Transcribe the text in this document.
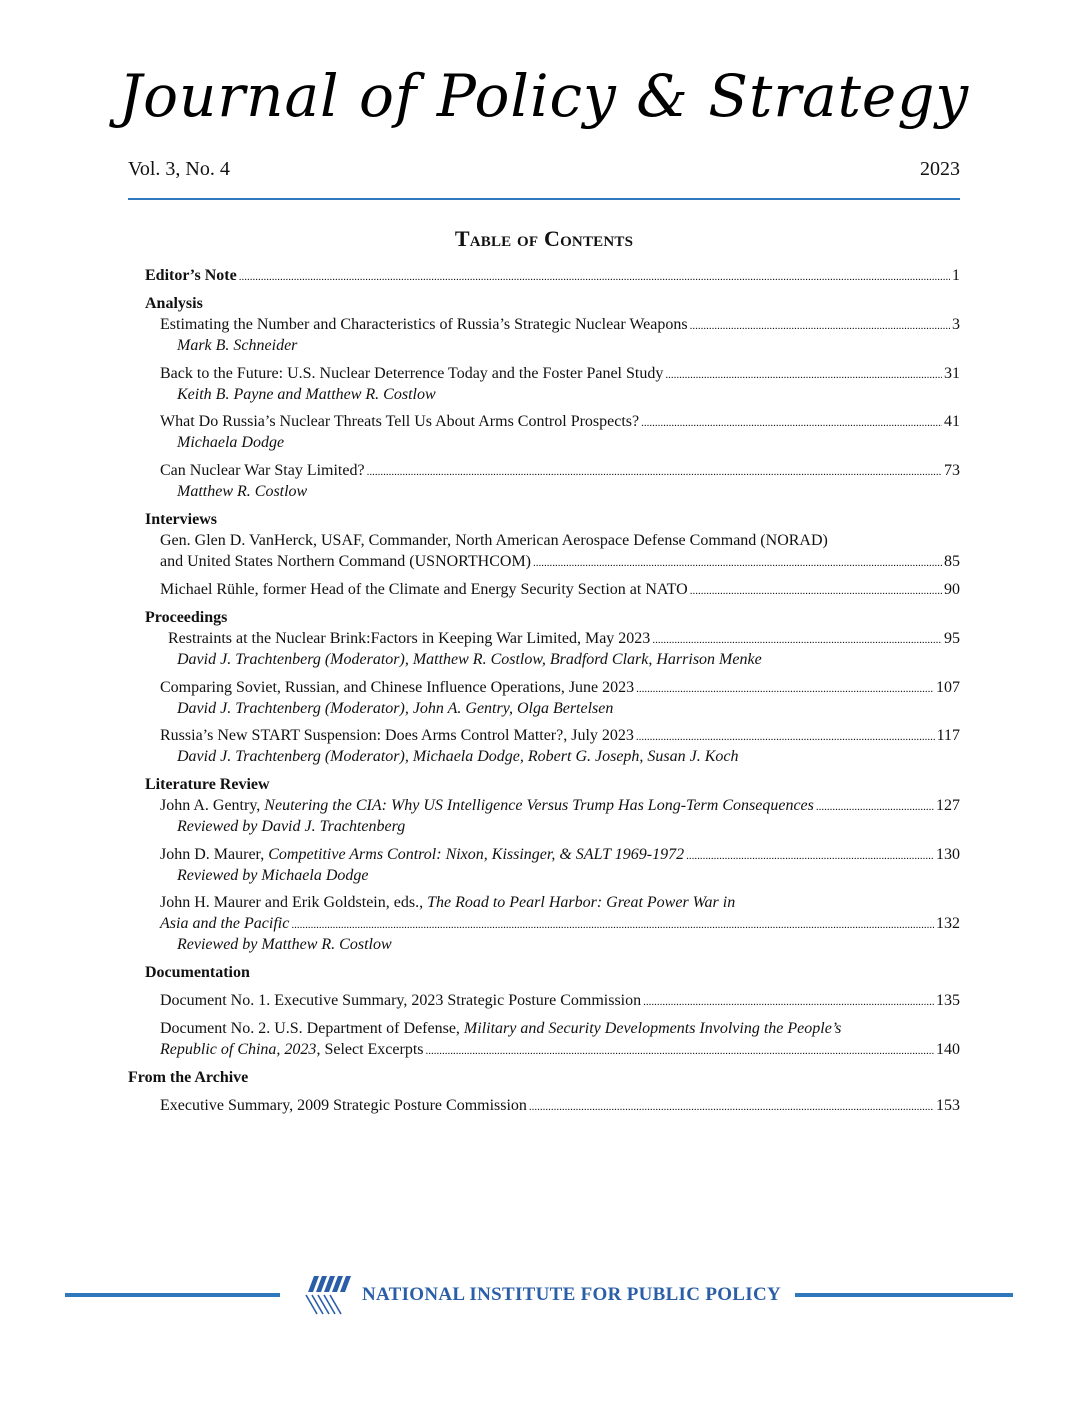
Journal of Policy & Strategy
Vol. 3, No. 4	2023
Table of Contents
Editor’s Note .....	1
Analysis
Estimating the Number and Characteristics of Russia’s Strategic Nuclear Weapons .....	3
Mark B. Schneider
Back to the Future: U.S. Nuclear Deterrence Today and the Foster Panel Study .....	31
Keith B. Payne and Matthew R. Costlow
What Do Russia’s Nuclear Threats Tell Us About Arms Control Prospects? .....	41
Michaela Dodge
Can Nuclear War Stay Limited? .....	73
Matthew R. Costlow
Interviews
Gen. Glen D. VanHerck, USAF, Commander, North American Aerospace Defense Command (NORAD)
and United States Northern Command (USNORTHCOM) .....	85
Michael Rühle, former Head of the Climate and Energy Security Section at NATO .....	90
Proceedings
Restraints at the Nuclear Brink:Factors in Keeping War Limited, May 2023 .....	95
David J. Trachtenberg (Moderator), Matthew R. Costlow, Bradford Clark, Harrison Menke
Comparing Soviet, Russian, and Chinese Influence Operations, June 2023 .....	107
David J. Trachtenberg (Moderator), John A. Gentry, Olga Bertelsen
Russia’s New START Suspension: Does Arms Control Matter?, July 2023 .....	117
David J. Trachtenberg (Moderator), Michaela Dodge, Robert G. Joseph, Susan J. Koch
Literature Review
John A. Gentry, Neutering the CIA: Why US Intelligence Versus Trump Has Long-Term Consequences .....	127
Reviewed by David J. Trachtenberg
John D. Maurer, Competitive Arms Control: Nixon, Kissinger, & SALT 1969-1972 .....	130
Reviewed by Michaela Dodge
John H. Maurer and Erik Goldstein, eds., The Road to Pearl Harbor: Great Power War in
Asia and the Pacific .....	132
Reviewed by Matthew R. Costlow
Documentation
Document No. 1. Executive Summary, 2023 Strategic Posture Commission .....	135
Document No. 2. U.S. Department of Defense, Military and Security Developments Involving the People’s
Republic of China, 2023, Select Excerpts .....	140
From the Archive
Executive Summary, 2009 Strategic Posture Commission .....	153
NATIONAL INSTITUTE FOR PUBLIC POLICY
